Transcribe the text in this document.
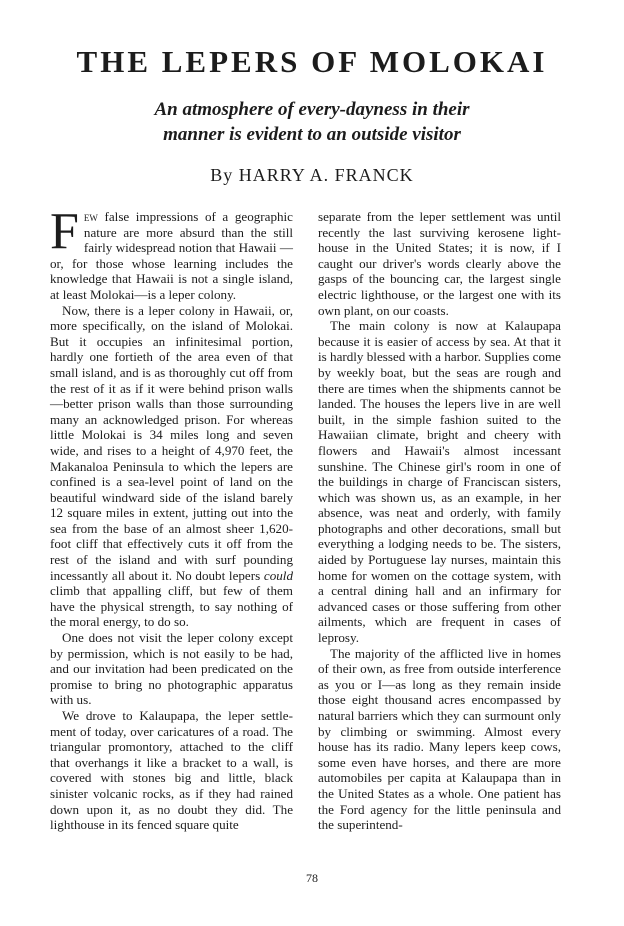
THE LEPERS OF MOLOKAI
An atmosphere of every-dayness in their
manner is evident to an outside visitor
By HARRY A. FRANCK

Few false impressions of a geographic nature are more absurd than the still fairly widespread notion that Hawaii —or, for those whose learning includes the knowledge that Hawaii is not a single island, at least Molokai—is a leper colony.

Now, there is a leper colony in Hawaii, or, more specifically, on the island of Molokai. But it occupies an infinitesimal portion, hardly one fortieth of the area even of that small island, and is as thoroughly cut off from the rest of it as if it were behind prison walls—better prison walls than those surrounding many an acknowledged prison. For whereas little Molokai is 34 miles long and seven wide, and rises to a height of 4,970 feet, the Makanaloa Peninsula to which the lepers are confined is a sea-level point of land on the beautiful windward side of the island barely 12 square miles in extent, jutting out into the sea from the base of an almost sheer 1,620-foot cliff that effectively cuts it off from the rest of the island and with surf pounding incessantly all about it. No doubt lepers could climb that appalling cliff, but few of them have the physical strength, to say nothing of the moral energy, to do so.

One does not visit the leper colony except by permission, which is not easily to be had, and our invitation had been predicated on the promise to bring no photographic apparatus with us.

We drove to Kalaupapa, the leper settlement of today, over caricatures of a road. The triangular promontory, attached to the cliff that overhangs it like a bracket to a wall, is covered with stones big and little, black sinister volcanic rocks, as if they had rained down upon it, as no doubt they did. The lighthouse in its fenced square quite

separate from the leper settlement was until recently the last surviving kerosene lighthouse in the United States; it is now, if I caught our driver's words clearly above the gasps of the bouncing car, the largest single electric lighthouse, or the largest one with its own plant, on our coasts.

The main colony is now at Kalaupapa because it is easier of access by sea. At that it is hardly blessed with a harbor. Supplies come by weekly boat, but the seas are rough and there are times when the shipments cannot be landed. The houses the lepers live in are well built, in the simple fashion suited to the Hawaiian climate, bright and cheery with flowers and Hawaii's almost incessant sunshine. The Chinese girl's room in one of the buildings in charge of Franciscan sisters, which was shown us, as an example, in her absence, was neat and orderly, with family photographs and other decorations, small but everything a lodging needs to be. The sisters, aided by Portuguese lay nurses, maintain this home for women on the cottage system, with a central dining hall and an infirmary for advanced cases or those suffering from other ailments, which are frequent in cases of leprosy.

The majority of the afflicted live in homes of their own, as free from outside interference as you or I—as long as they remain inside those eight thousand acres encompassed by natural barriers which they can surmount only by climbing or swimming. Almost every house has its radio. Many lepers keep cows, some even have horses, and there are more automobiles per capita at Kalaupapa than in the United States as a whole. One patient has the Ford agency for the little peninsula and the superintend-

78
